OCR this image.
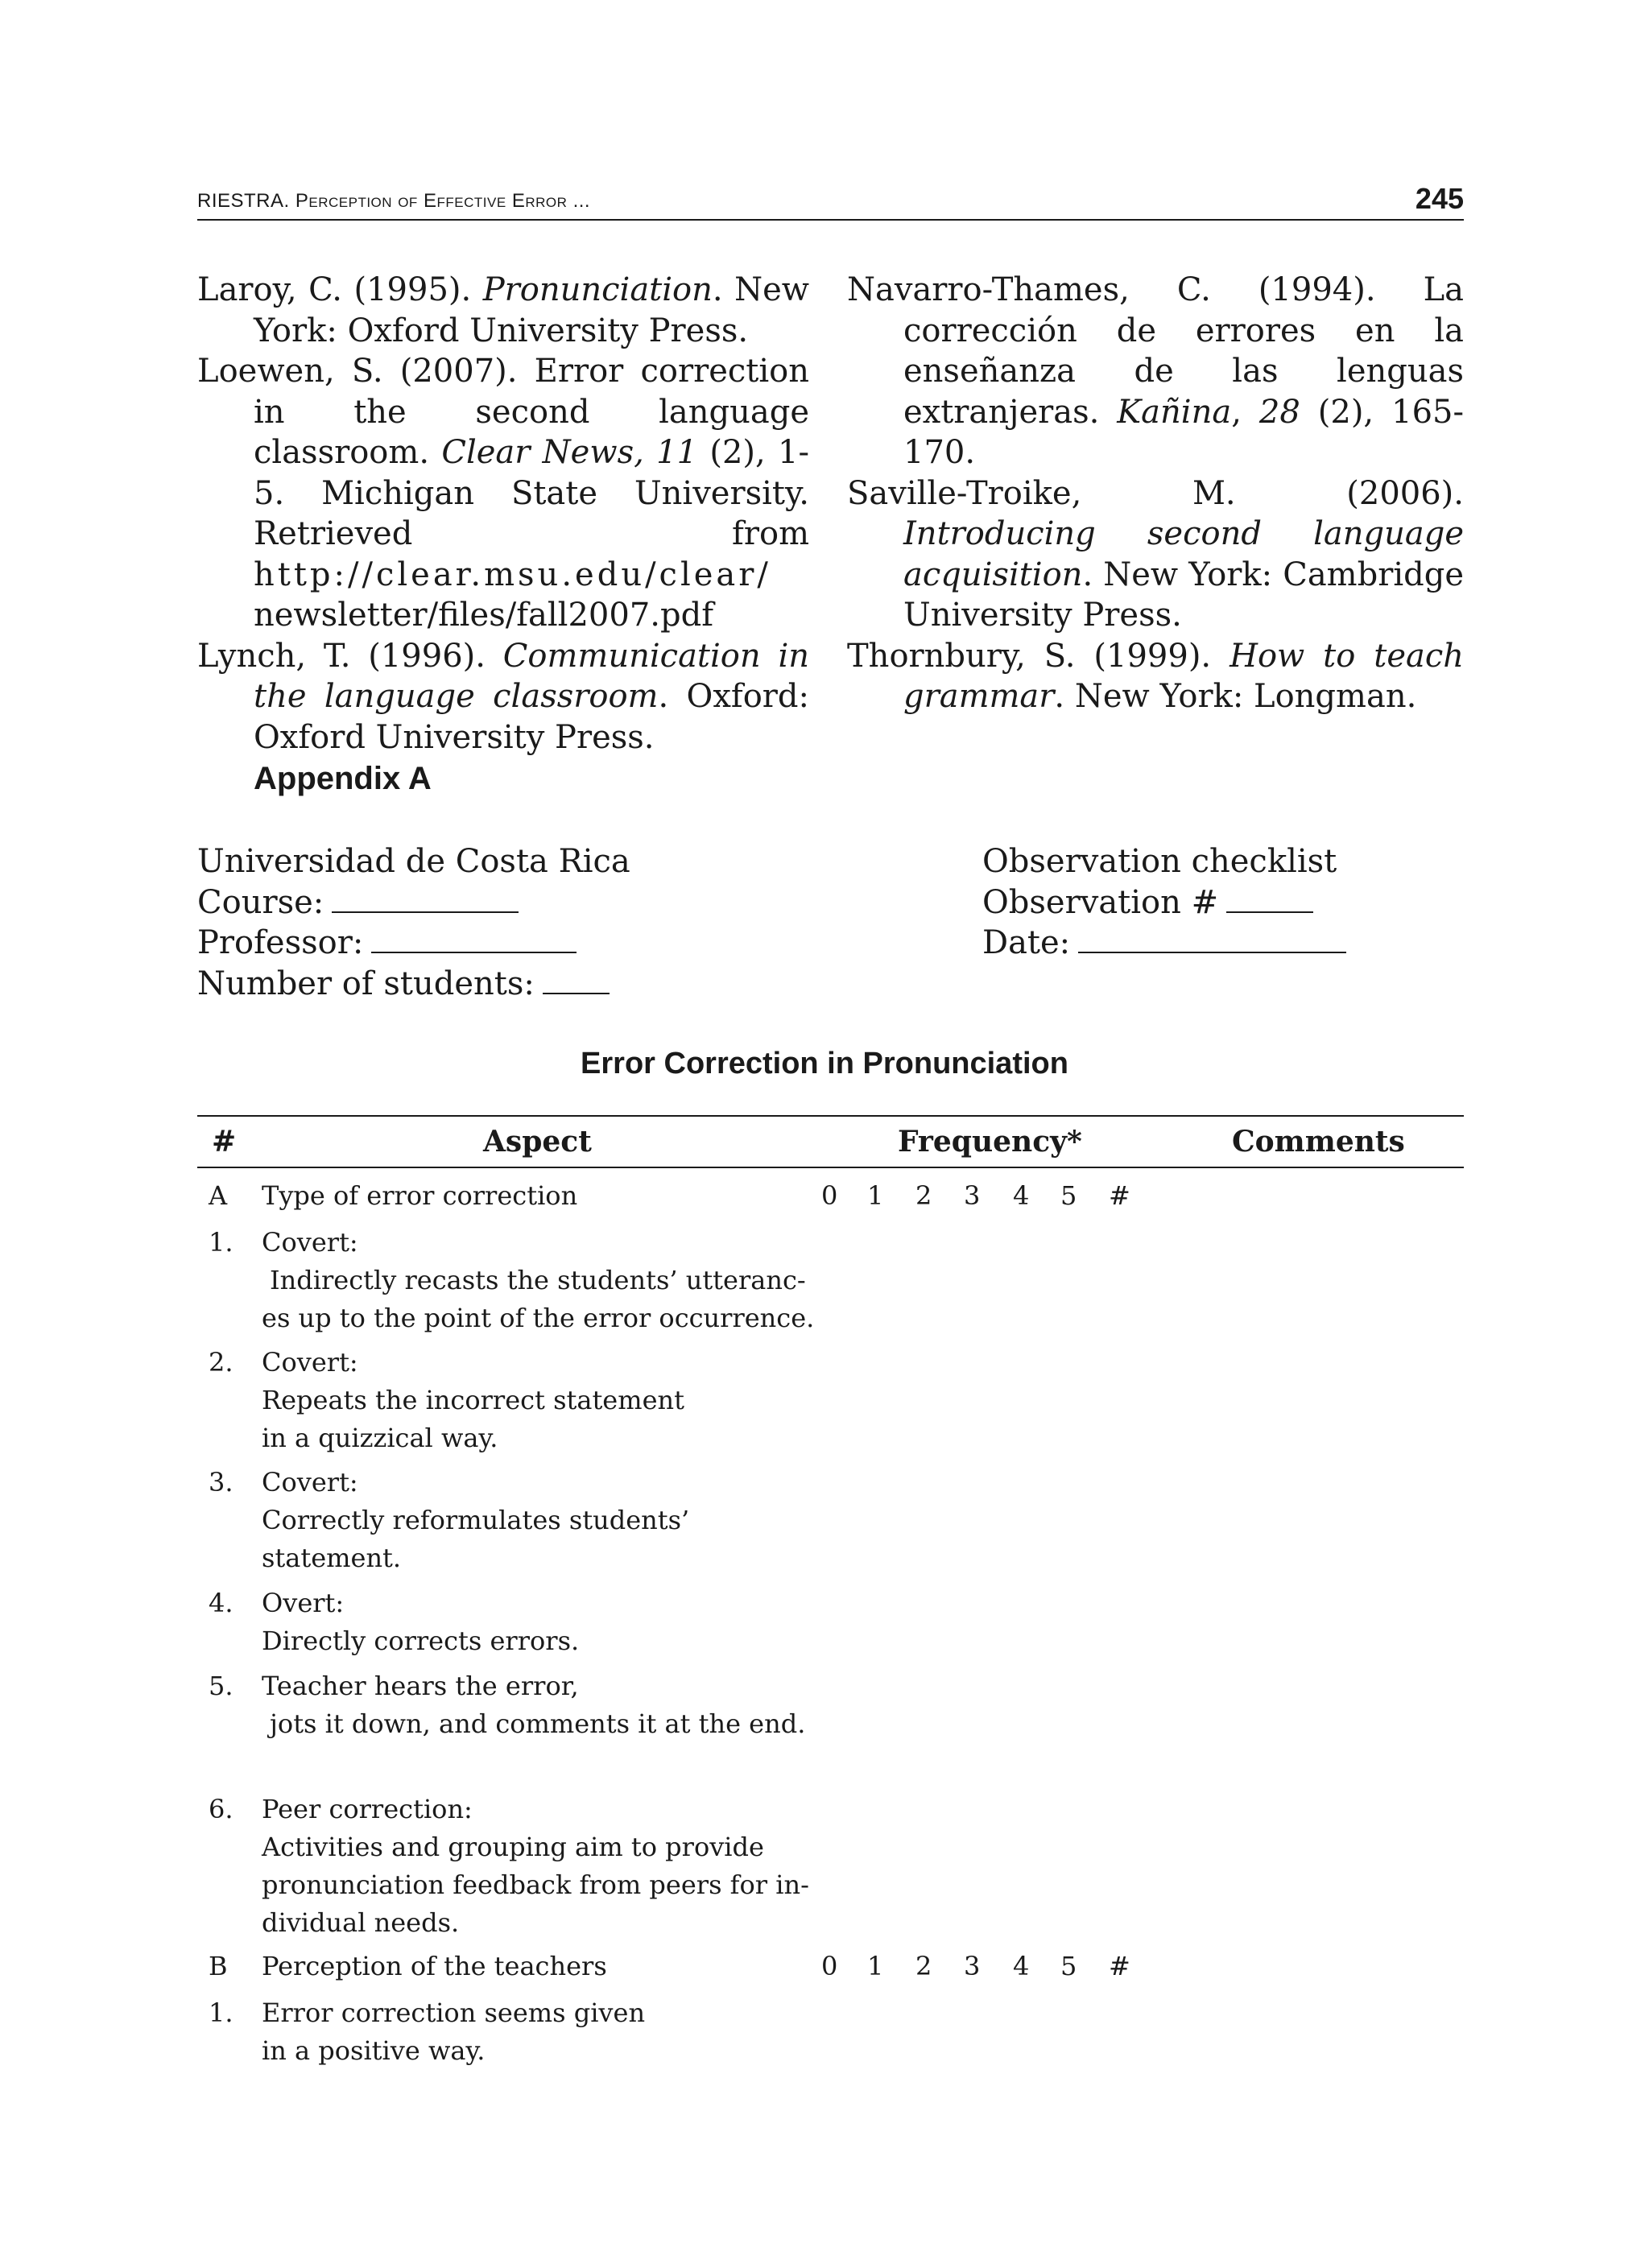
RIESTRA. Perception of Effective Error ...	245

Laroy, C. (1995). Pronunciation. New York: Oxford University Press.

Loewen, S. (2007). Error correction in the second language classroom. Clear News, 11 (2), 1-5. Michigan State University. Retrieved from http://clear.msu.edu/clear/ newsletter/files/fall2007.pdf

Lynch, T. (1996). Communication in the language classroom. Oxford: Oxford University Press.

Navarro-Thames, C. (1994). La corrección de errores en la enseñanza de las lenguas extranjeras. Kañina, 28 (2), 165-170.

Saville-Troike, M. (2006). Introducing second language acquisition. New York: Cambridge University Press.

Thornbury, S. (1999). How to teach grammar. New York: Longman.

Appendix A
Universidad de Costa Rica
Course:
Professor:
Number of students:
Observation checklist
Observation #
Date:
Error Correction in Pronunciation
#	Aspect	Frequency*	Comments
A Type of error correction	0 1 2 3 4 5 #
1. Covert:
Indirectly recasts the students’ utteranc-
es up to the point of the error occurrence.
2. Covert:
Repeats the incorrect statement
in a quizzical way.
3. Covert:
Correctly reformulates students’
statement.
4. Overt:
Directly corrects errors.
5. Teacher hears the error,
jots it down, and comments it at the end.
6. Peer correction:
Activities and grouping aim to provide
pronunciation feedback from peers for in-
dividual needs.
B Perception of the teachers	0 1 2 3 4 5 #
1. Error correction seems given
in a positive way.
